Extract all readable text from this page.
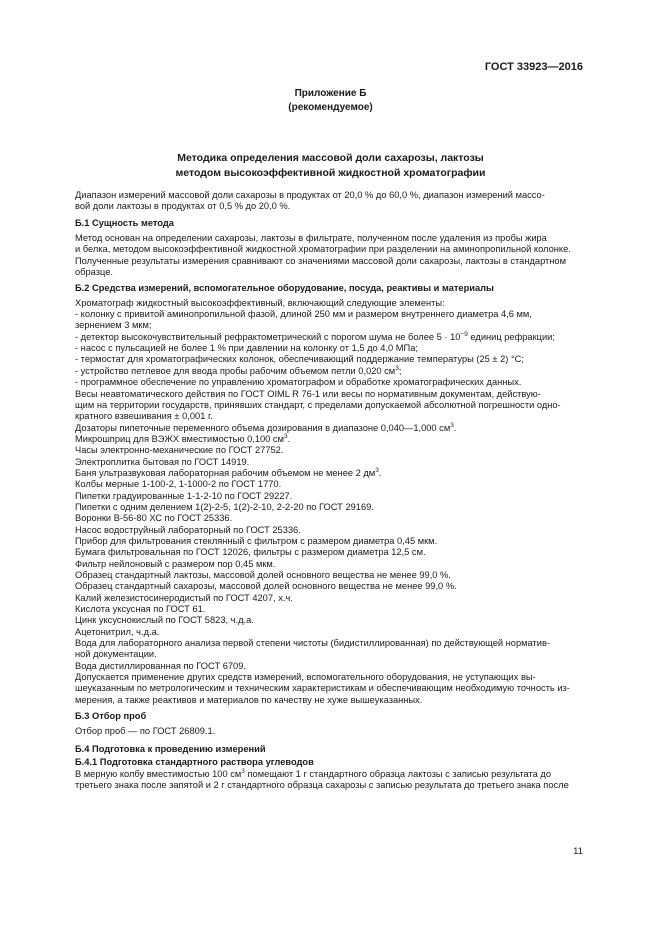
ГОСТ 33923—2016
Приложение Б
(рекомендуемое)
Методика определения массовой доли сахарозы, лактозы
методом высокоэффективной жидкостной хроматографии

Диапазон измерений массовой доли сахарозы в продуктах от 20,0 % до 60,0 %, диапазон измерений массо-

вой доли лактозы в продуктах от 0,5 % до 20,0 %.

Б.1 Сущность метода

Метод основан на определении сахарозы, лактозы в фильтрате, полученном после удаления из пробы жира

и белка, методом высокоэффективной жидкостной хроматографии при разделении на аминопропильной колонке.

Полученные результаты измерения сравнивают со значениями массовой доли сахарозы, лактозы в стандартном

образце.

Б.2 Средства измерений, вспомогательное оборудование, посуда, реактивы и материалы

Хроматограф жидкостный высокоэффективный, включающий следующие элементы:

- колонку с привитой аминопропильной фазой, длиной 250 мм и размером внутреннего диаметра 4,6 мм,

зернением 3 мкм;

- детектор высокочувствительный рефрактометрический с порогом шума не более $5 \cdot 10^{-9}$ единиц рефракции;

- насос с пульсацией не более 1 % при давлении на колонку от 1,5 до 4,0 МПа;

- термостат для хроматографических колонок, обеспечивающий поддержание температуры (25 ± 2) °С;

- устройство петлевое для ввода пробы рабочим объемом петли 0,020 $см^3$;

- программное обеспечение по управлению хроматографом и обработке хроматографических данных.

Весы неавтоматического действия по ГОСТ OIML R 76-1 или весы по нормативным документам, действую-

щим на территории государств, принявших стандарт, с пределами допускаемой абсолютной погрешности одно-

кратного взвешивания ± 0,001 г.

Дозаторы пипеточные переменного объема дозирования в диапазоне 0,040—1,000 $см^3$.

Микрошприц для ВЭЖХ вместимостью 0,100 $см^3$.

Часы электронно-механические по ГОСТ 27752.

Электроплитка бытовая по ГОСТ 14919.

Баня ультразвуковая лабораторная рабочим объемом не менее 2 $дм^3$.

Колбы мерные 1-100-2, 1-1000-2 по ГОСТ 1770.

Пипетки градуированные 1-1-2-10 по ГОСТ 29227.

Пипетки с одним делением 1(2)-2-5, 1(2)-2-10, 2-2-20 по ГОСТ 29169.

Воронки В-56-80 ХС по ГОСТ 25336.

Насос водоструйный лабораторный по ГОСТ 25336.

Прибор для фильтрования стеклянный с фильтром с размером диаметра 0,45 мкм.

Бумага фильтровальная по ГОСТ 12026, фильтры с размером диаметра 12,5 см.

Фильтр нейлоновый с размером пор 0,45 мкм.

Образец стандартный лактозы, массовой долей основного вещества не менее 99,0 %.

Образец стандартный сахарозы, массовой долей основного вещества не менее 99,0 %.

Калий железистосинеродистый по ГОСТ 4207, х.ч.

Кислота уксусная по ГОСТ 61.

Цинк уксуснокислый по ГОСТ 5823, ч.д.а.

Ацетонитрил, ч.д.а.

Вода для лабораторного анализа первой степени чистоты (бидистиллированная) по действующей норматив-

ной документации.

Вода дистиллированная по ГОСТ 6709.

Допускается применение других средств измерений, вспомогательного оборудования, не уступающих вы-

шеуказанным по метрологическим и техническим характеристикам и обеспечивающим необходимую точность из-

мерения, а также реактивов и материалов по качеству не хуже вышеуказанных.

Б.3 Отбор проб

Отбор проб — по ГОСТ 26809.1.

Б.4 Подготовка к проведению измерений

Б.4.1 Подготовка стандартного раствора углеводов

В мерную колбу вместимостью 100 $см^3$ помещают 1 г стандартного образца лактозы с записью результата до

третьего знака после запятой и 2 г стандартного образца сахарозы с записью результата до третьего знака после

11
